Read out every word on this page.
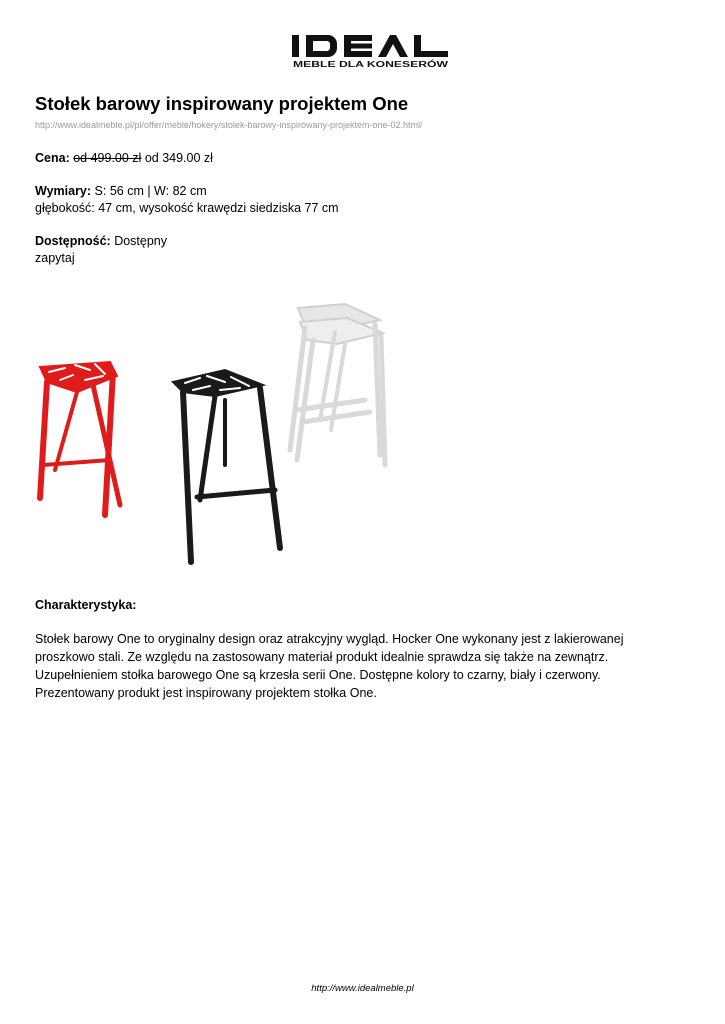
MEBLE DLA KONESERÓW
Stołek barowy inspirowany projektem One
http://www.idealmeble.pl/pl/offer/meble/hokery/stolek-barowy-inspirowany-projektem-one-02.html/
Cena: od 499.00 zł od 349.00 zł
Wymiary: S: 56 cm | W: 82 cm
głębokość: 47 cm, wysokość krawędzi siedziska 77 cm
Dostępność: Dostępny
zapytaj
Charakterystyka:

Stołek barowy One to oryginalny design oraz atrakcyjny wygląd. Hocker One wykonany jest z lakierowanej
proszkowo stali. Ze względu na zastosowany materiał produkt idealnie sprawdza się także na zewnątrz.
Uzupełnieniem stołka barowego One są krzesła serii One. Dostępne kolory to czarny, biały i czerwony.
Prezentowany produkt jest inspirowany projektem stołka One.

http://www.idealmeble.pl
